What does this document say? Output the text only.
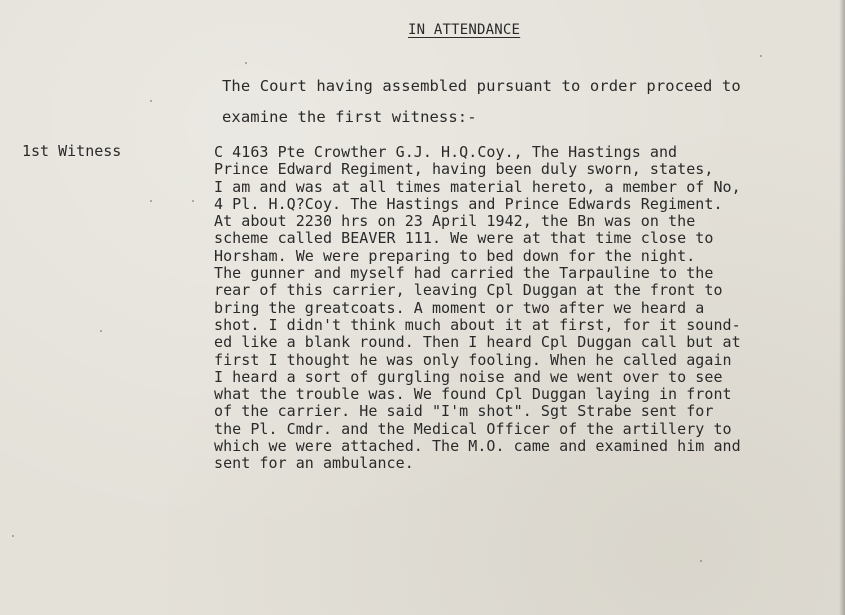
IN ATTENDANCE
The Court having assembled pursuant to order proceed to
examine the first witness:-
1st Witness	C 4163 Pte Crowther G.J. H.Q.Coy., The Hastings and
Prince Edward Regiment, having been duly sworn, states,
I am and was at all times material hereto, a member of No,
4 Pl. H.Q?Coy. The Hastings and Prince Edwards Regiment.
At about 2230 hrs on 23 April 1942, the Bn was on the
scheme called BEAVER 111. We were at that time close to
Horsham. We were preparing to bed down for the night.
The gunner and myself had carried the Tarpauline to the
rear of this carrier, leaving Cpl Duggan at the front to
bring the greatcoats. A moment or two after we heard a
shot. I didn't think much about it at first, for it sound-
ed like a blank round. Then I heard Cpl Duggan call but at
first I thought he was only fooling. When he called again
I heard a sort of gurgling noise and we went over to see
what the trouble was. We found Cpl Duggan laying in front
of the carrier. He said "I'm shot". Sgt Strabe sent for
the Pl. Cmdr. and the Medical Officer of the artillery to
which we were attached. The M.O. came and examined him and
sent for an ambulance.
